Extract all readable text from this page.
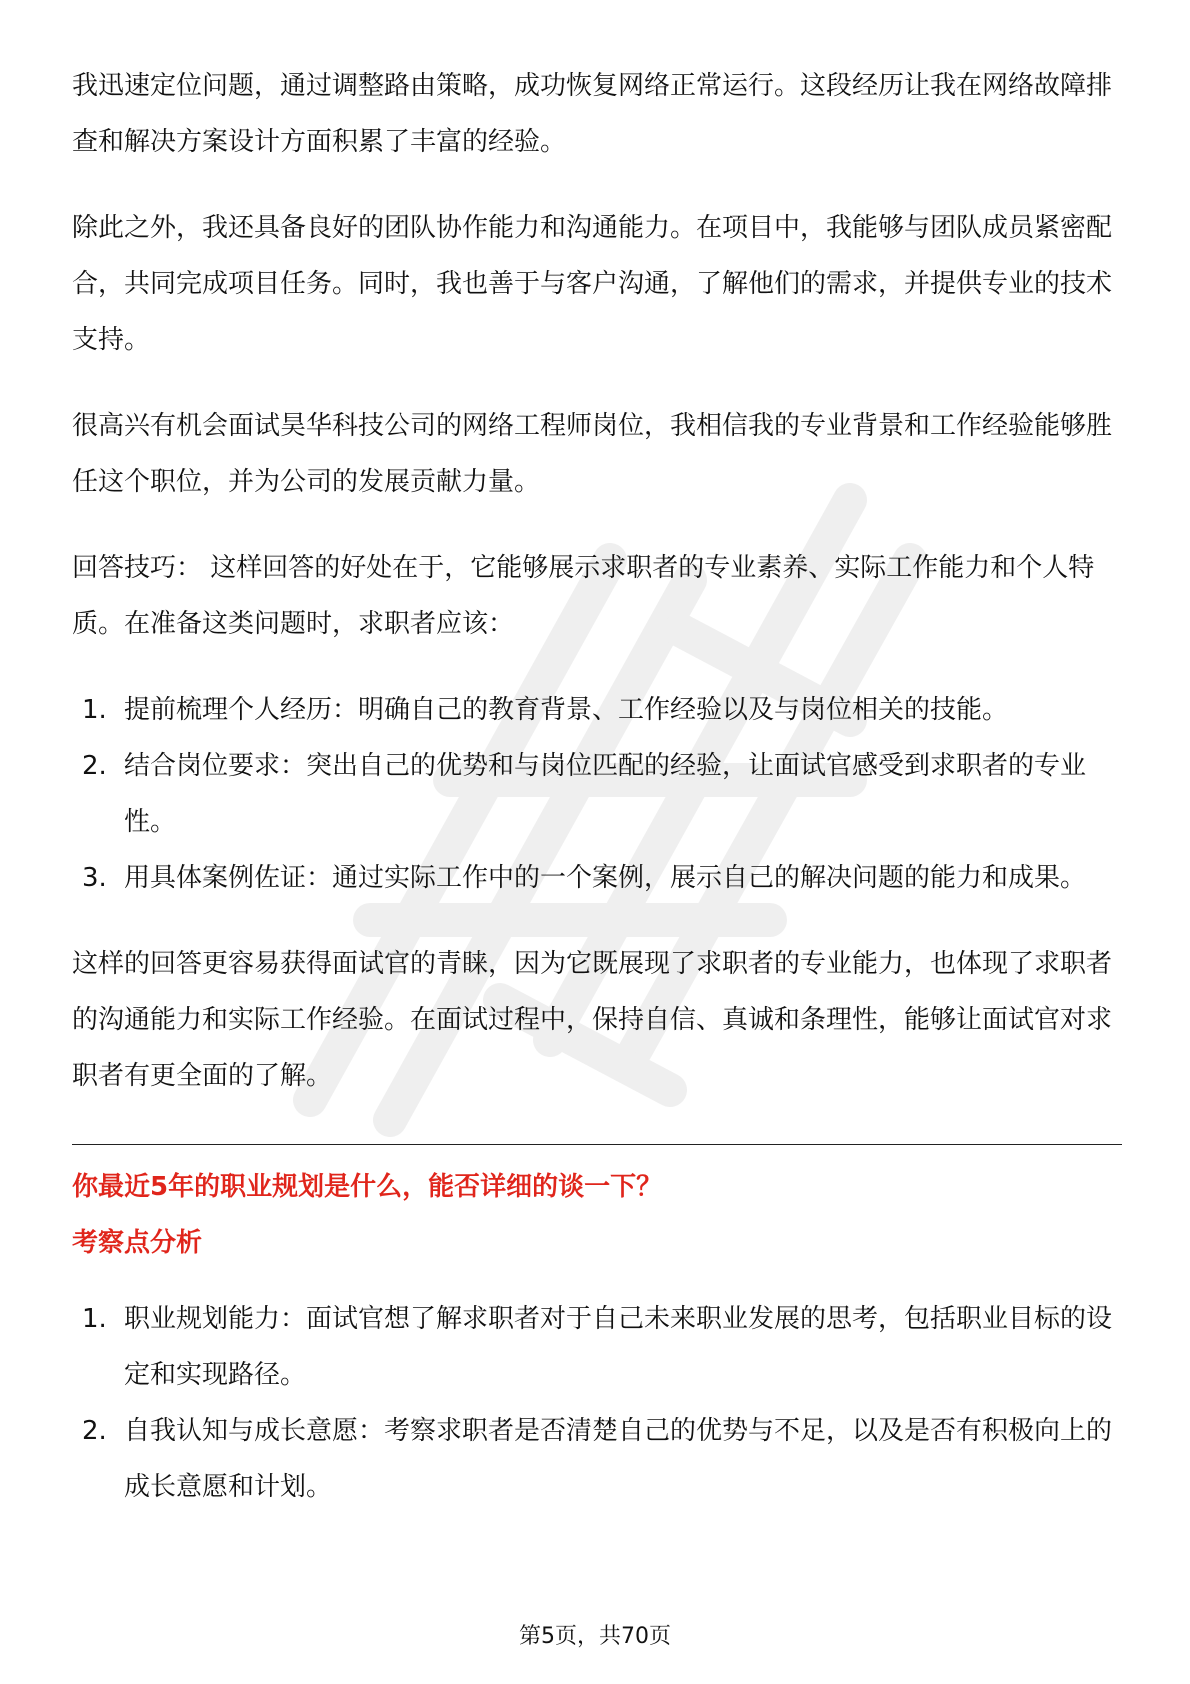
我迅速定位问题，通过调整路由策略，成功恢复网络正常运行。这段经历让我在网络故障排查和解决方案设计方面积累了丰富的经验。

除此之外，我还具备良好的团队协作能力和沟通能力。在项目中，我能够与团队成员紧密配合，共同完成项目任务。同时，我也善于与客户沟通，了解他们的需求，并提供专业的技术支持。

很高兴有机会面试昊华科技公司的网络工程师岗位，我相信我的专业背景和工作经验能够胜任这个职位，并为公司的发展贡献力量。

回答技巧： 这样回答的好处在于，它能够展示求职者的专业素养、实际工作能力和个人特质。在准备这类问题时，求职者应该：

1. 提前梳理个人经历：明确自己的教育背景、工作经验以及与岗位相关的技能。
2. 结合岗位要求：突出自己的优势和与岗位匹配的经验，让面试官感受到求职者的专业性。
3. 用具体案例佐证：通过实际工作中的一个案例，展示自己的解决问题的能力和成果。

这样的回答更容易获得面试官的青睐，因为它既展现了求职者的专业能力，也体现了求职者的沟通能力和实际工作经验。在面试过程中，保持自信、真诚和条理性，能够让面试官对求职者有更全面的了解。

你最近5年的职业规划是什么，能否详细的谈一下？

考察点分析

1. 职业规划能力：面试官想了解求职者对于自己未来职业发展的思考，包括职业目标的设定和实现路径。
2. 自我认知与成长意愿：考察求职者是否清楚自己的优势与不足，以及是否有积极向上的成长意愿和计划。
第5页，共70页
